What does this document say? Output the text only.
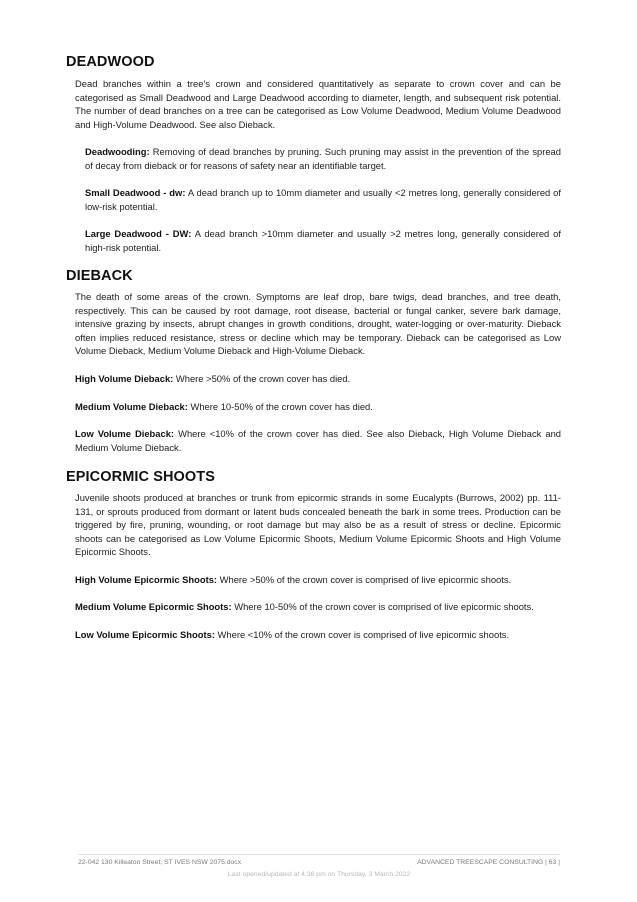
DEADWOOD

Dead branches within a tree’s crown and considered quantitatively as separate to crown cover and can be categorised as Small Deadwood and Large Deadwood according to diameter, length, and subsequent risk potential. The number of dead branches on a tree can be categorised as Low Volume Deadwood, Medium Volume Deadwood and High-Volume Deadwood. See also Dieback.

Deadwooding: Removing of dead branches by pruning. Such pruning may assist in the prevention of the spread of decay from dieback or for reasons of safety near an identifiable target.

Small Deadwood - dw: A dead branch up to 10mm diameter and usually <2 metres long, generally considered of low-risk potential.

Large Deadwood - DW: A dead branch >10mm diameter and usually >2 metres long, generally considered of high-risk potential.

DIEBACK

The death of some areas of the crown. Symptoms are leaf drop, bare twigs, dead branches, and tree death, respectively. This can be caused by root damage, root disease, bacterial or fungal canker, severe bark damage, intensive grazing by insects, abrupt changes in growth conditions, drought, water-logging or over-maturity. Dieback often implies reduced resistance, stress or decline which may be temporary. Dieback can be categorised as Low Volume Dieback, Medium Volume Dieback and High-Volume Dieback.

High Volume Dieback: Where >50% of the crown cover has died.

Medium Volume Dieback: Where 10-50% of the crown cover has died.

Low Volume Dieback: Where <10% of the crown cover has died. See also Dieback, High Volume Dieback and Medium Volume Dieback.

EPICORMIC SHOOTS

Juvenile shoots produced at branches or trunk from epicormic strands in some Eucalypts (Burrows, 2002) pp. 111-131, or sprouts produced from dormant or latent buds concealed beneath the bark in some trees. Production can be triggered by fire, pruning, wounding, or root damage but may also be as a result of stress or decline. Epicormic shoots can be categorised as Low Volume Epicormic Shoots, Medium Volume Epicormic Shoots and High Volume Epicormic Shoots.

High Volume Epicormic Shoots: Where >50% of the crown cover is comprised of live epicormic shoots.

Medium Volume Epicormic Shoots: Where 10-50% of the crown cover is comprised of live epicormic shoots.

Low Volume Epicormic Shoots: Where <10% of the crown cover is comprised of live epicormic shoots.

22-042 130 Killeaton Street, ST IVES NSW 2075.docx	ADVANCED TREESCAPE CONSULTING | 63 |
Last opened/updated at 4:36 pm on Thursday, 3 March 2022
